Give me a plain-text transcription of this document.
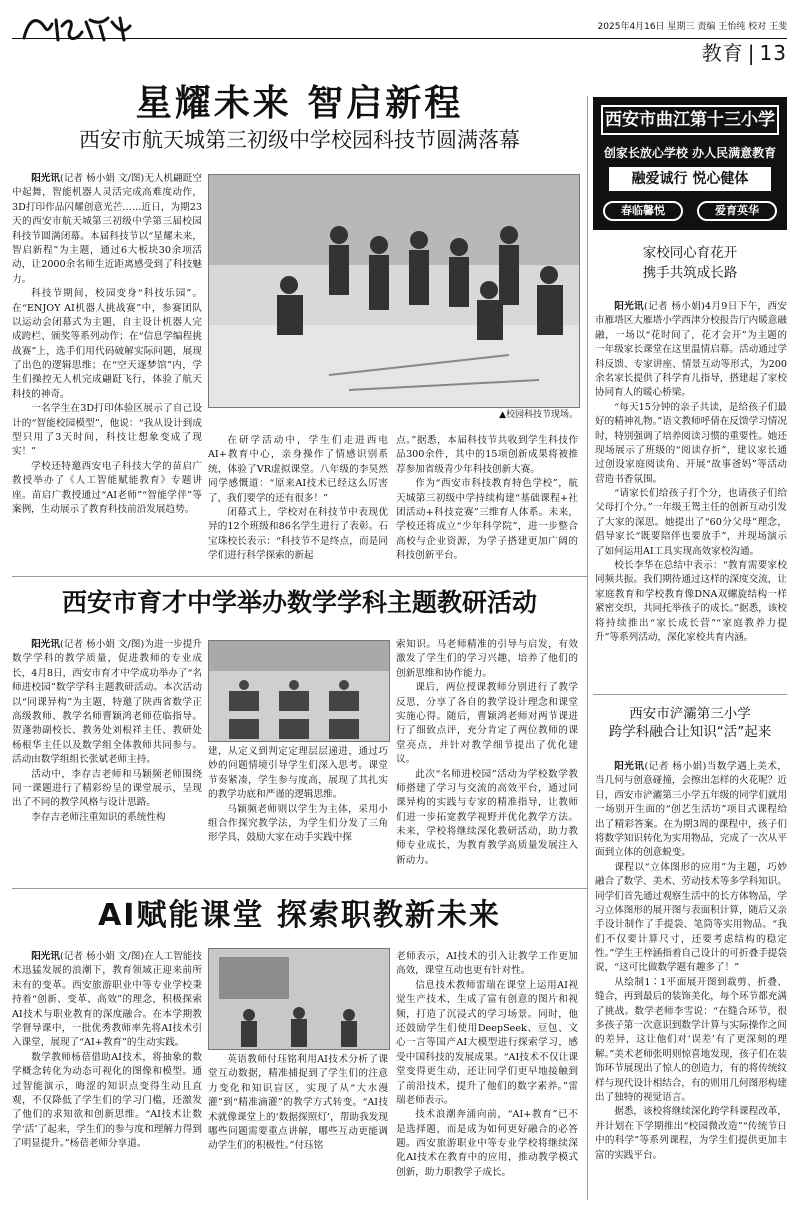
2025年4月16日 星期三 责编 王怡纯 校对 王斐
教育 | 13
星耀未来 智启新程
西安市航天城第三初级中学校园科技节圆满落幕

阳光讯(记者 杨小娟 文/图)无人机翩跹空中起舞，智能机器人灵活完成高难度动作，3D打印作品闪耀创意光芒……近日，为期23天的西安市航天城第三初级中学第三届校园科技节圆满闭幕。本届科技节以“星耀未来，智启新程”为主题，通过6大板块30余项活动，让2000余名师生近距离感受到了科技魅力。

科技节期间，校园变身“科技乐园”。在“ENJOY AI机器人挑战赛”中，参赛团队以运动会闭幕式为主题，自主设计机器人完成跨栏、颁奖等系列动作；在“信息学编程挑战赛”上，选手们用代码破解实际问题，展现了出色的逻辑思维；在“空天逐梦馆”内，学生们操控无人机完成翩跹飞行，体验了航天科技的神奇。

一名学生在3D打印体验区展示了自己设计的“智能校园模型”，他说：“我从设计到成型只用了3天时间，科技让想象变成了现实！”

学校还特邀西安电子科技大学的苗启广教授举办了《人工智能赋能教育》专题讲座。苗启广教授通过“AI老师”“智能学伴”等案例，生动展示了教育科技前沿发展趋势。

▲校园科技节现场。

在研学活动中，学生们走进西电AI+教育中心，亲身操作了情感识别系统，体验了VR虚拟课堂。八年级的李昊然同学感慨道：“原来AI技术已经这么厉害了，我们要学的还有很多！”

闭幕式上，学校对在科技节中表现优异的12个班级和86名学生进行了表彰。石宝珠校长表示：“科技节不是终点，而是同学们进行科学探索的新起

点。”据悉，本届科技节共收到学生科技作品300余件，其中的15项创新成果将被推荐参加省级青少年科技创新大赛。

作为“西安市科技教育特色学校”，航天城第三初级中学持续构建“基础课程+社团活动+科技竞赛”三维育人体系。未来，学校还将成立“少年科学院”，进一步整合高校与企业资源，为学子搭建更加广阔的科技创新平台。

西安市育才中学举办数学学科主题教研活动

阳光讯(记者 杨小娟 文/图)为进一步提升数学学科的教学质量，促进教师的专业成长，4月8日，西安市育才中学成功举办了“名师进校园”数学学科主题教研活动。本次活动以“同课异构”为主题，特邀了陕西省数学正高级教师、教学名师曹颖鸿老师莅临指导。贺蓬勃副校长、教务处刘根祥主任、教研处杨根华主任以及数学组全体教师共同参与。活动由数学组组长张斌老师主持。

活动中，李存吉老师和马颖频老师围绕同一课题进行了精彩纷呈的课堂展示，呈现出了不同的教学风格与设计思路。

李存吉老师注重知识的系统性构

建，从定义到判定定理层层递进，通过巧妙的问题情境引导学生们深入思考。课堂节奏紧凑，学生参与度高，展现了其扎实的教学功底和严谨的逻辑思维。

马颖频老师则以学生为主体，采用小组合作探究教学法，为学生们分发了三角形学具，鼓励大家在动手实践中探

索知识。马老师精准的引导与启发，有效激发了学生们的学习兴趣，培养了他们的创新思维和协作能力。

课后，两位授课教师分别进行了教学反思，分享了各自的教学设计理念和课堂实施心得。随后，曹颖鸿老师对两节课进行了细致点评，充分肯定了两位教师的课堂亮点，并针对教学细节提出了优化建议。

此次“名师进校园”活动为学校数学教师搭建了学习与交流的高效平台，通过同课异构的实践与专家的精准指导，让教师们进一步拓宽教学视野并优化教学方法。未来，学校将继续深化教研活动，助力教师专业成长，为教育教学高质量发展注入新动力。

AI赋能课堂 探索职教新未来

阳光讯(记者 杨小娟 文/图)在人工智能技术迅猛发展的浪潮下，教育领域正迎来前所未有的变革。西安旅游职业中等专业学校秉持着“创新、变革、高效”的理念，积极探索AI技术与职业教育的深度融合。在本学期教学督导课中，一批优秀教师率先将AI技术引入课堂，展现了“AI+教育”的生动实践。

数学教师杨蓓借助AI技术，将抽象的数学概念转化为动态可视化的图像和模型。通过智能演示，晦涩的知识点变得生动且直观，不仅降低了学生们的学习门槛，还激发了他们的求知欲和创新思维。“AI技术让数学‘活’了起来，学生们的参与度和理解力得到了明显提升。”杨蓓老师分享道。

英语教师付珏铭利用AI技术分析了课堂互动数据，精准捕捉到了学生们的注意力变化和知识盲区，实现了从“大水漫灌”到“精准滴灌”的教学方式转变。“AI技术就像课堂上的‘数据探照灯’，帮助我发现哪些问题需要重点讲解，哪些互动更能调动学生们的积极性。”付珏铭

老师表示，AI技术的引入让教学工作更加高效，课堂互动也更有针对性。

信息技术教师雷瑞在课堂上运用AI视觉生产技术，生成了富有创意的图片和视频，打造了沉浸式的学习场景。同时，他还鼓励学生们使用DeepSeek、豆包、文心一言等国产AI大模型进行探索学习，感受中国科技的发展成果。“AI技术不仅让课堂变得更生动，还让同学们更早地接触到了前沿技术，提升了他们的数字素养。”雷瑞老师表示。

技术浪潮奔涌向前，“AI+教育”已不是选择题，而是成为如何更好融合的必答题。西安旅游职业中等专业学校将继续深化AI技术在教育中的应用，推动教学模式创新，助力职教学子成长。

西安市曲江第十三小学
创家长放心学校 办人民满意教育
融爱诚行 悦心健体
春临馨悦	爱育英华
家校同心育花开
携手共筑成长路

阳光讯(记者 杨小娟)4月9日下午，西安市雁塔区大雁塔小学西津分校报告厅内暖意融融，一场以“花时间了，花才会开”为主题的一年级家长课堂在这里温情启幕。活动通过学科反馈、专家讲座、情景互动等形式，为200余名家长提供了科学育儿指导，搭建起了家校协同育人的暖心桥梁。

“每天15分钟的亲子共读，是给孩子们最好的精神礼物。”语文教师呼倩在反馈学习情况时，特别强调了培养阅读习惯的重要性。她还现场展示了班级的“阅读存折”，建议家长通过创设家庭阅读角、开展“故事爸妈”等活动营造书香氛围。

“请家长们给孩子打个分，也请孩子们给父母打个分。”一年级王鸳主任的创新互动引发了大家的深思。她提出了“60分父母”理念，倡导家长“既要陪伴也要放手”，并现场演示了如何运用AI工具实现高效家校沟通。

校长李华在总结中表示：“教育需要家校同频共振。我们期待通过这样的深度交流，让家庭教育和学校教育像DNA双螺旋结构一样紧密交织，共同托举孩子的成长。”据悉，该校将持续推出“家长成长营”“家庭教养力提升”等系列活动，深化家校共育内涵。

西安市浐灞第三小学
跨学科融合让知识“活”起来

阳光讯(记者 杨小娟)当数学遇上美术，当几何与创意碰撞，会擦出怎样的火花呢？近日，西安市浐灞第三小学五年级的同学们就用一场别开生面的“创艺生活坊”项目式课程给出了精彩答案。在为期3周的课程中，孩子们将数学知识转化为实用物品，完成了一次从平面到立体的创意蜕变。

课程以“立体图形的应用”为主题，巧妙融合了数学、美术、劳动技术等多学科知识。同学们首先通过观察生活中的长方体物品，学习立体图形的展开图与表面积计算，随后又亲手设计制作了手提袋、笔筒等实用物品。“我们不仅要计算尺寸，还要考虑结构的稳定性。”学生王梓涵指着自己设计的可折叠手提袋说，“这可比做数学题有趣多了！”

从绘制1∶1平面展开图到裁剪、折叠、缝合，再到最后的装饰美化，每个环节都充满了挑战。数学老师李雪说：“在缝合环节，很多孩子第一次意识到数学计算与实际操作之间的差异，这让他们对‘误差’有了更深刻的理解。”美术老师张明则惊喜地发现，孩子们在装饰环节展现出了惊人的创造力，有的将传统纹样与现代设计相结合，有的则用几何图形构建出了独特的视觉语言。

据悉，该校将继续深化跨学科课程改革，并计划在下学期推出“校园微改造”“传统节日中的科学”等系列课程，为学生们提供更加丰富的实践平台。
